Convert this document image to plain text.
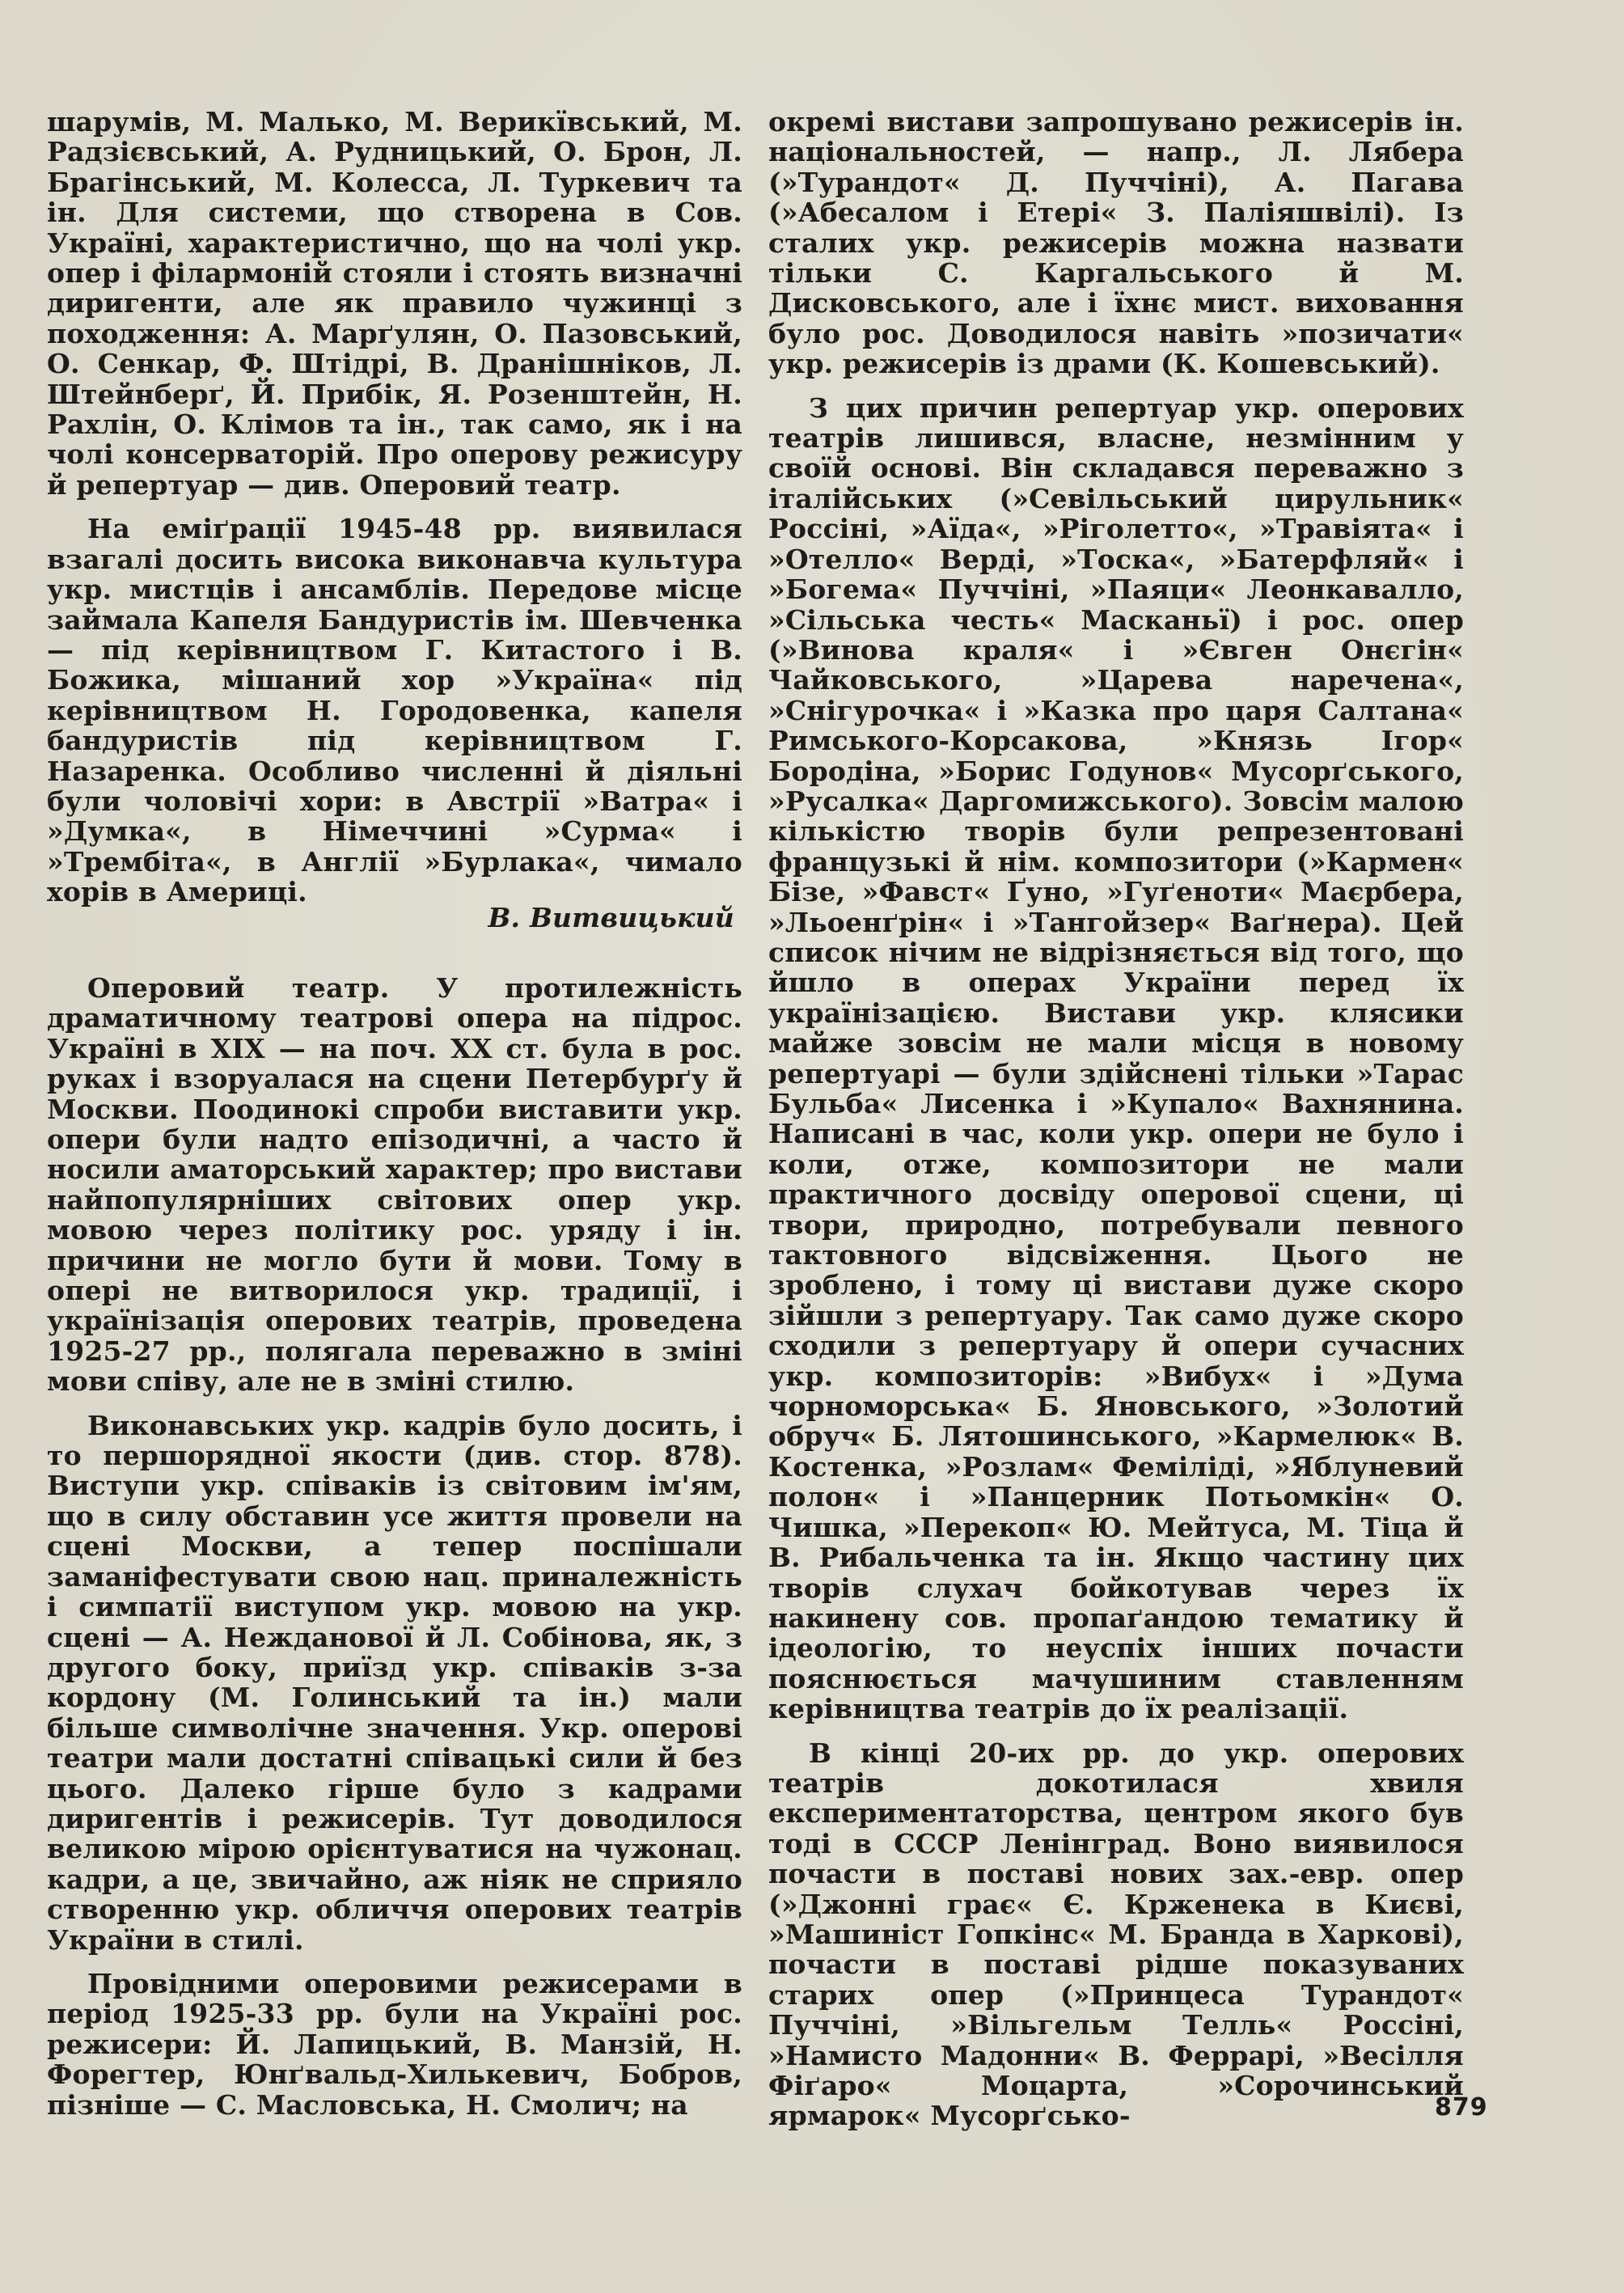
шарумів, М. Малько, М. Верикївський, М. Радзієвський, А. Рудницький, О. Брон, Л. Брагінський, М. Колесса, Л. Туркевич та ін. Для системи, що створена в Сов. Україні, характеристично, що на чолі укр. опер і філармоній стояли і стоять визначні диригенти, але як правило чужинці з походження: А. Марґулян, О. Пазовський, О. Сенкар, Ф. Штідрі, В. Дранішніков, Л. Штейнберґ, Й. Прибік, Я. Розенштейн, Н. Рахлін, О. Клімов та ін., так само, як і на чолі консерваторій. Про оперову режисуру й репертуар — див. Оперовий театр.

На еміґрації 1945-48 рр. виявилася взагалі досить висока виконавча культура укр. мистців і ансамблів. Передове місце займала Капеля Бандуристів ім. Шевченка — під керівництвом Г. Китастого і В. Божика, мішаний хор »Україна« під керівництвом Н. Городовенка, капеля бандуристів під керівництвом Г. Назаренка. Особливо численні й діяльні були чоловічі хори: в Австрії »Ватра« і »Думка«, в Німеччині »Сурма« і »Трембіта«, в Англії »Бурлака«, чимало хорів в Америці.

В. Витвицький

Оперовий театр. У протилежність драматичному театрові опера на підрос. Україні в XIX — на поч. XX ст. була в рос. руках і взоруалася на сцени Петербурґу й Москви. Поодинокі спроби виставити укр. опери були надто епізодичні, а часто й носили аматорський характер; про вистави найпопулярніших світових опер укр. мовою через політику рос. уряду і ін. причини не могло бути й мови. Тому в опері не витворилося укр. традиції, і українізація оперових театрів, проведена 1925-27 рр., полягала переважно в зміні мови співу, але не в зміні стилю.

Виконавських укр. кадрів було досить, і то першорядної якости (див. стор. 878). Виступи укр. співаків із світовим ім'ям, що в силу обставин усе життя провели на сцені Москви, а тепер поспішали заманіфестувати свою нац. приналежність і симпатії виступом укр. мовою на укр. сцені — А. Нежданової й Л. Собінова, як, з другого боку, приїзд укр. співаків з-за кордону (М. Голинський та ін.) мали більше символічне значення. Укр. оперові театри мали достатні співацькі сили й без цього. Далеко гірше було з кадрами диригентів і режисерів. Тут доводилося великою мірою орієнтуватися на чужонац. кадри, а це, звичайно, аж ніяк не сприяло створенню укр. обличчя оперових театрів України в стилі.

Провідними оперовими режисерами в період 1925-33 рр. були на Україні рос. режисери: Й. Лапицький, В. Манзій, Н. Форегтер, Юнґвальд-Хилькевич, Бобров, пізніше — С. Масловська, Н. Смолич; на

окремі вистави запрошувано режисерів ін. національностей, — напр., Л. Лябера (»Турандот« Д. Пуччіні), А. Пагава (»Абесалом і Етері« З. Паліяшвілі). Із сталих укр. режисерів можна назвати тільки С. Каргальського й М. Дисковського, але і їхнє мист. виховання було рос. Доводилося навіть »позичати« укр. режисерів із драми (К. Кошевський).

З цих причин репертуар укр. оперових театрів лишився, власне, незмінним у своїй основі. Він складався переважно з італійських (»Севільський цирульник« Россіні, »Аїда«, »Ріголетто«, »Травіята« і »Отелло« Верді, »Тоска«, »Батерфляй« і »Богема« Пуччіні, »Паяци« Леонкавалло, »Сільська честь« Масканьї) і рос. опер (»Винова краля« і »Євген Онєгін« Чайковського, »Царева наречена«, »Снігурочка« і »Казка про царя Салтана« Римського-Корсакова, »Князь Ігор« Бородіна, »Борис Годунов« Мусорґського, »Русалка« Даргомижського). Зовсім малою кількістю творів були репрезентовані французькі й нім. композитори (»Кармен« Бізе, »Фавст« Ґуно, »Гуґеноти« Маєрбера, »Льоенґрін« і »Тангойзер« Ваґнера). Цей список нічим не відрізняється від того, що йшло в операх України перед їх українізацією. Вистави укр. клясики майже зовсім не мали місця в новому репертуарі — були здійснені тільки »Тарас Бульба« Лисенка і »Купало« Вахнянина. Написані в час, коли укр. опери не було і коли, отже, композитори не мали практичного досвіду оперової сцени, ці твори, природно, потребували певного тактовного відсвіження. Цього не зроблено, і тому ці вистави дуже скоро зійшли з репертуару. Так само дуже скоро сходили з репертуару й опери сучасних укр. композиторів: »Вибух« і »Дума чорноморська« Б. Яновського, »Золотий обруч« Б. Лятошинського, »Кармелюк« В. Костенка, »Розлам« Феміліді, »Яблуневий полон« і »Панцерник Потьомкін« О. Чишка, »Перекоп« Ю. Мейтуса, М. Тіца й В. Рибальченка та ін. Якщо частину цих творів слухач бойкотував через їх накинену сов. пропаґандою тематику й ідеологію, то неуспіх інших почасти пояснюється мачушиним ставленням керівництва театрів до їх реалізації.

В кінці 20-их рр. до укр. оперових театрів докотилася хвиля експериментаторства, центром якого був тоді в СССР Ленінград. Воно виявилося почасти в поставі нових зах.-евр. опер (»Джонні грає« Є. Крженека в Києві, »Машиніст Гопкінс« М. Бранда в Харкові), почасти в поставі рідше показуваних старих опер (»Принцеса Турандот« Пуччіні, »Вільгельм Телль« Россіні, »Намисто Мадонни« В. Феррарі, »Весілля Фіґаро« Моцарта, »Сорочинський ярмарок« Мусорґсько-	879
